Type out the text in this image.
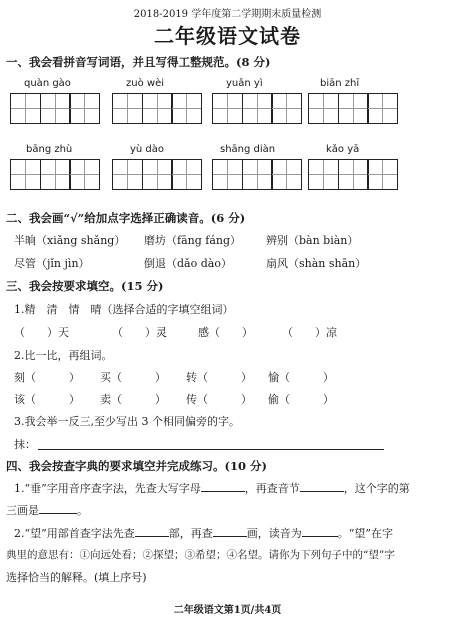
2018-2019 学年度第二学期期末质量检测
二年级语文试卷
一、我会看拼音写词语，并且写得工整规范。(8 分)
quàn gào	zuò wèi	yuǎn yì	biān zhī
bāng zhù	yù dào	shāng diàn	kǎo yā
二、我会画“√”给加点字选择正确读音。(6 分)
半晌（xiǎng shǎng） 磨坊（fāng fáng） 辨别（bàn biàn）
尽管（jǐn jìn）	倒退（dǎo dào）	扇风（shàn shān）
三、我会按要求填空。(15 分)
1.精　清　情　晴（选择合适的字填空组词）
（　　）天	（　　）灵	感（　　）	（　　）凉
2.比一比，再组词。
刻（　　　） 买（　　　） 转（　　　） 愉（　　　）
该（　　　） 卖（　　　） 传（　　　） 偷（　　　）
3.我会举一反三,至少写出 3 个相同偏旁的字。
抹：
四、我会按查字典的要求填空并完成练习。(10 分)
1.“垂”字用音序查字法，先查大写字母	，再查音节	，这个字的第
三画是	。
2.“望”用部首查字法先查	部，再查	画，读音为	。“望”在字
典里的意思有：①向远处看；②探望；③希望；④名望。请你为下列句子中的“望”字
选择恰当的解释。(填上序号)
二年级语文第1页/共4页
